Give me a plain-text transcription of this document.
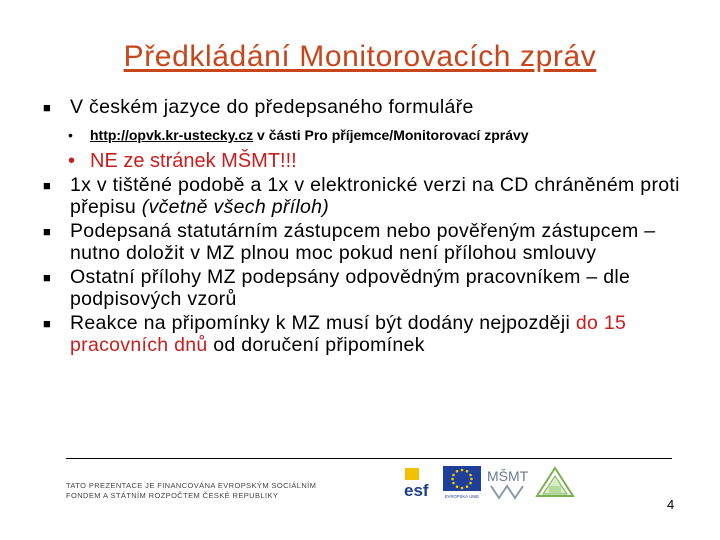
Předkládání Monitorovacích zpráv
■ V českém jazyce do předepsaného formuláře
• http://opvk.kr-ustecky.cz v části Pro příjemce/Monitorovací zprávy
• NE ze stránek MŠMT!!!
■ 1x v tištěné podobě a 1x v elektronické verzi na CD chráněném proti přepisu (včetně všech příloh)
■ Podepsaná statutárním zástupcem nebo pověřeným zástupcem – nutno doložit v MZ plnou moc pokud není přílohou smlouvy
■ Ostatní přílohy MZ podepsány odpovědným pracovníkem – dle podpisových vzorů
■ Reakce na připomínky k MZ musí být dodány nejpozději do 15 pracovních dnů od doručení připomínek
TATO PREZENTACE JE FINANCOVÁNA EVROPSKÝM SOCIÁLNÍM
FONDEM A STÁTNÍM ROZPOČTEM ČESKÉ REPUBLIKY	esf	EVROPSKÁ UNIE
MŠMT
4
